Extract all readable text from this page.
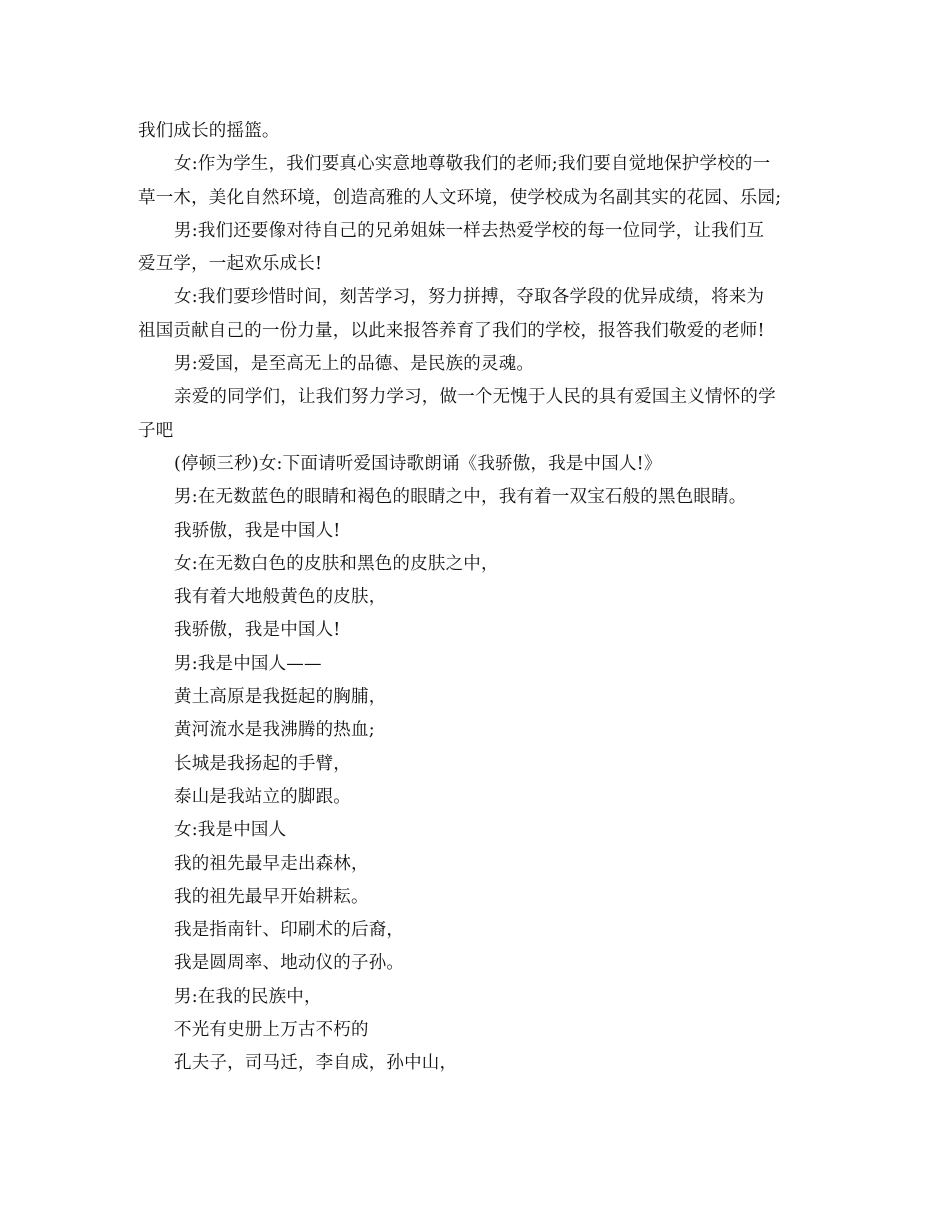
我们成长的摇篮。
女:作为学生，我们要真心实意地尊敬我们的老师;我们要自觉地保护学校的一
草一木，美化自然环境，创造高雅的人文环境，使学校成为名副其实的花园、乐园;
男:我们还要像对待自己的兄弟姐妹一样去热爱学校的每一位同学，让我们互
爱互学，一起欢乐成长!
女:我们要珍惜时间，刻苦学习，努力拼搏，夺取各学段的优异成绩，将来为
祖国贡献自己的一份力量，以此来报答养育了我们的学校，报答我们敬爱的老师!
男:爱国，是至高无上的品德、是民族的灵魂。
亲爱的同学们，让我们努力学习，做一个无愧于人民的具有爱国主义情怀的学
子吧
(停顿三秒)女:下面请听爱国诗歌朗诵《我骄傲，我是中国人!》
男:在无数蓝色的眼睛和褐色的眼睛之中，我有着一双宝石般的黑色眼睛。
我骄傲，我是中国人!
女:在无数白色的皮肤和黑色的皮肤之中，
我有着大地般黄色的皮肤，
我骄傲，我是中国人!
男:我是中国人——
黄土高原是我挺起的胸脯，
黄河流水是我沸腾的热血;
长城是我扬起的手臂，
泰山是我站立的脚跟。
女:我是中国人
我的祖先最早走出森林，
我的祖先最早开始耕耘。
我是指南针、印刷术的后裔，
我是圆周率、地动仪的子孙。
男:在我的民族中，
不光有史册上万古不朽的
孔夫子，司马迁，李自成，孙中山，
